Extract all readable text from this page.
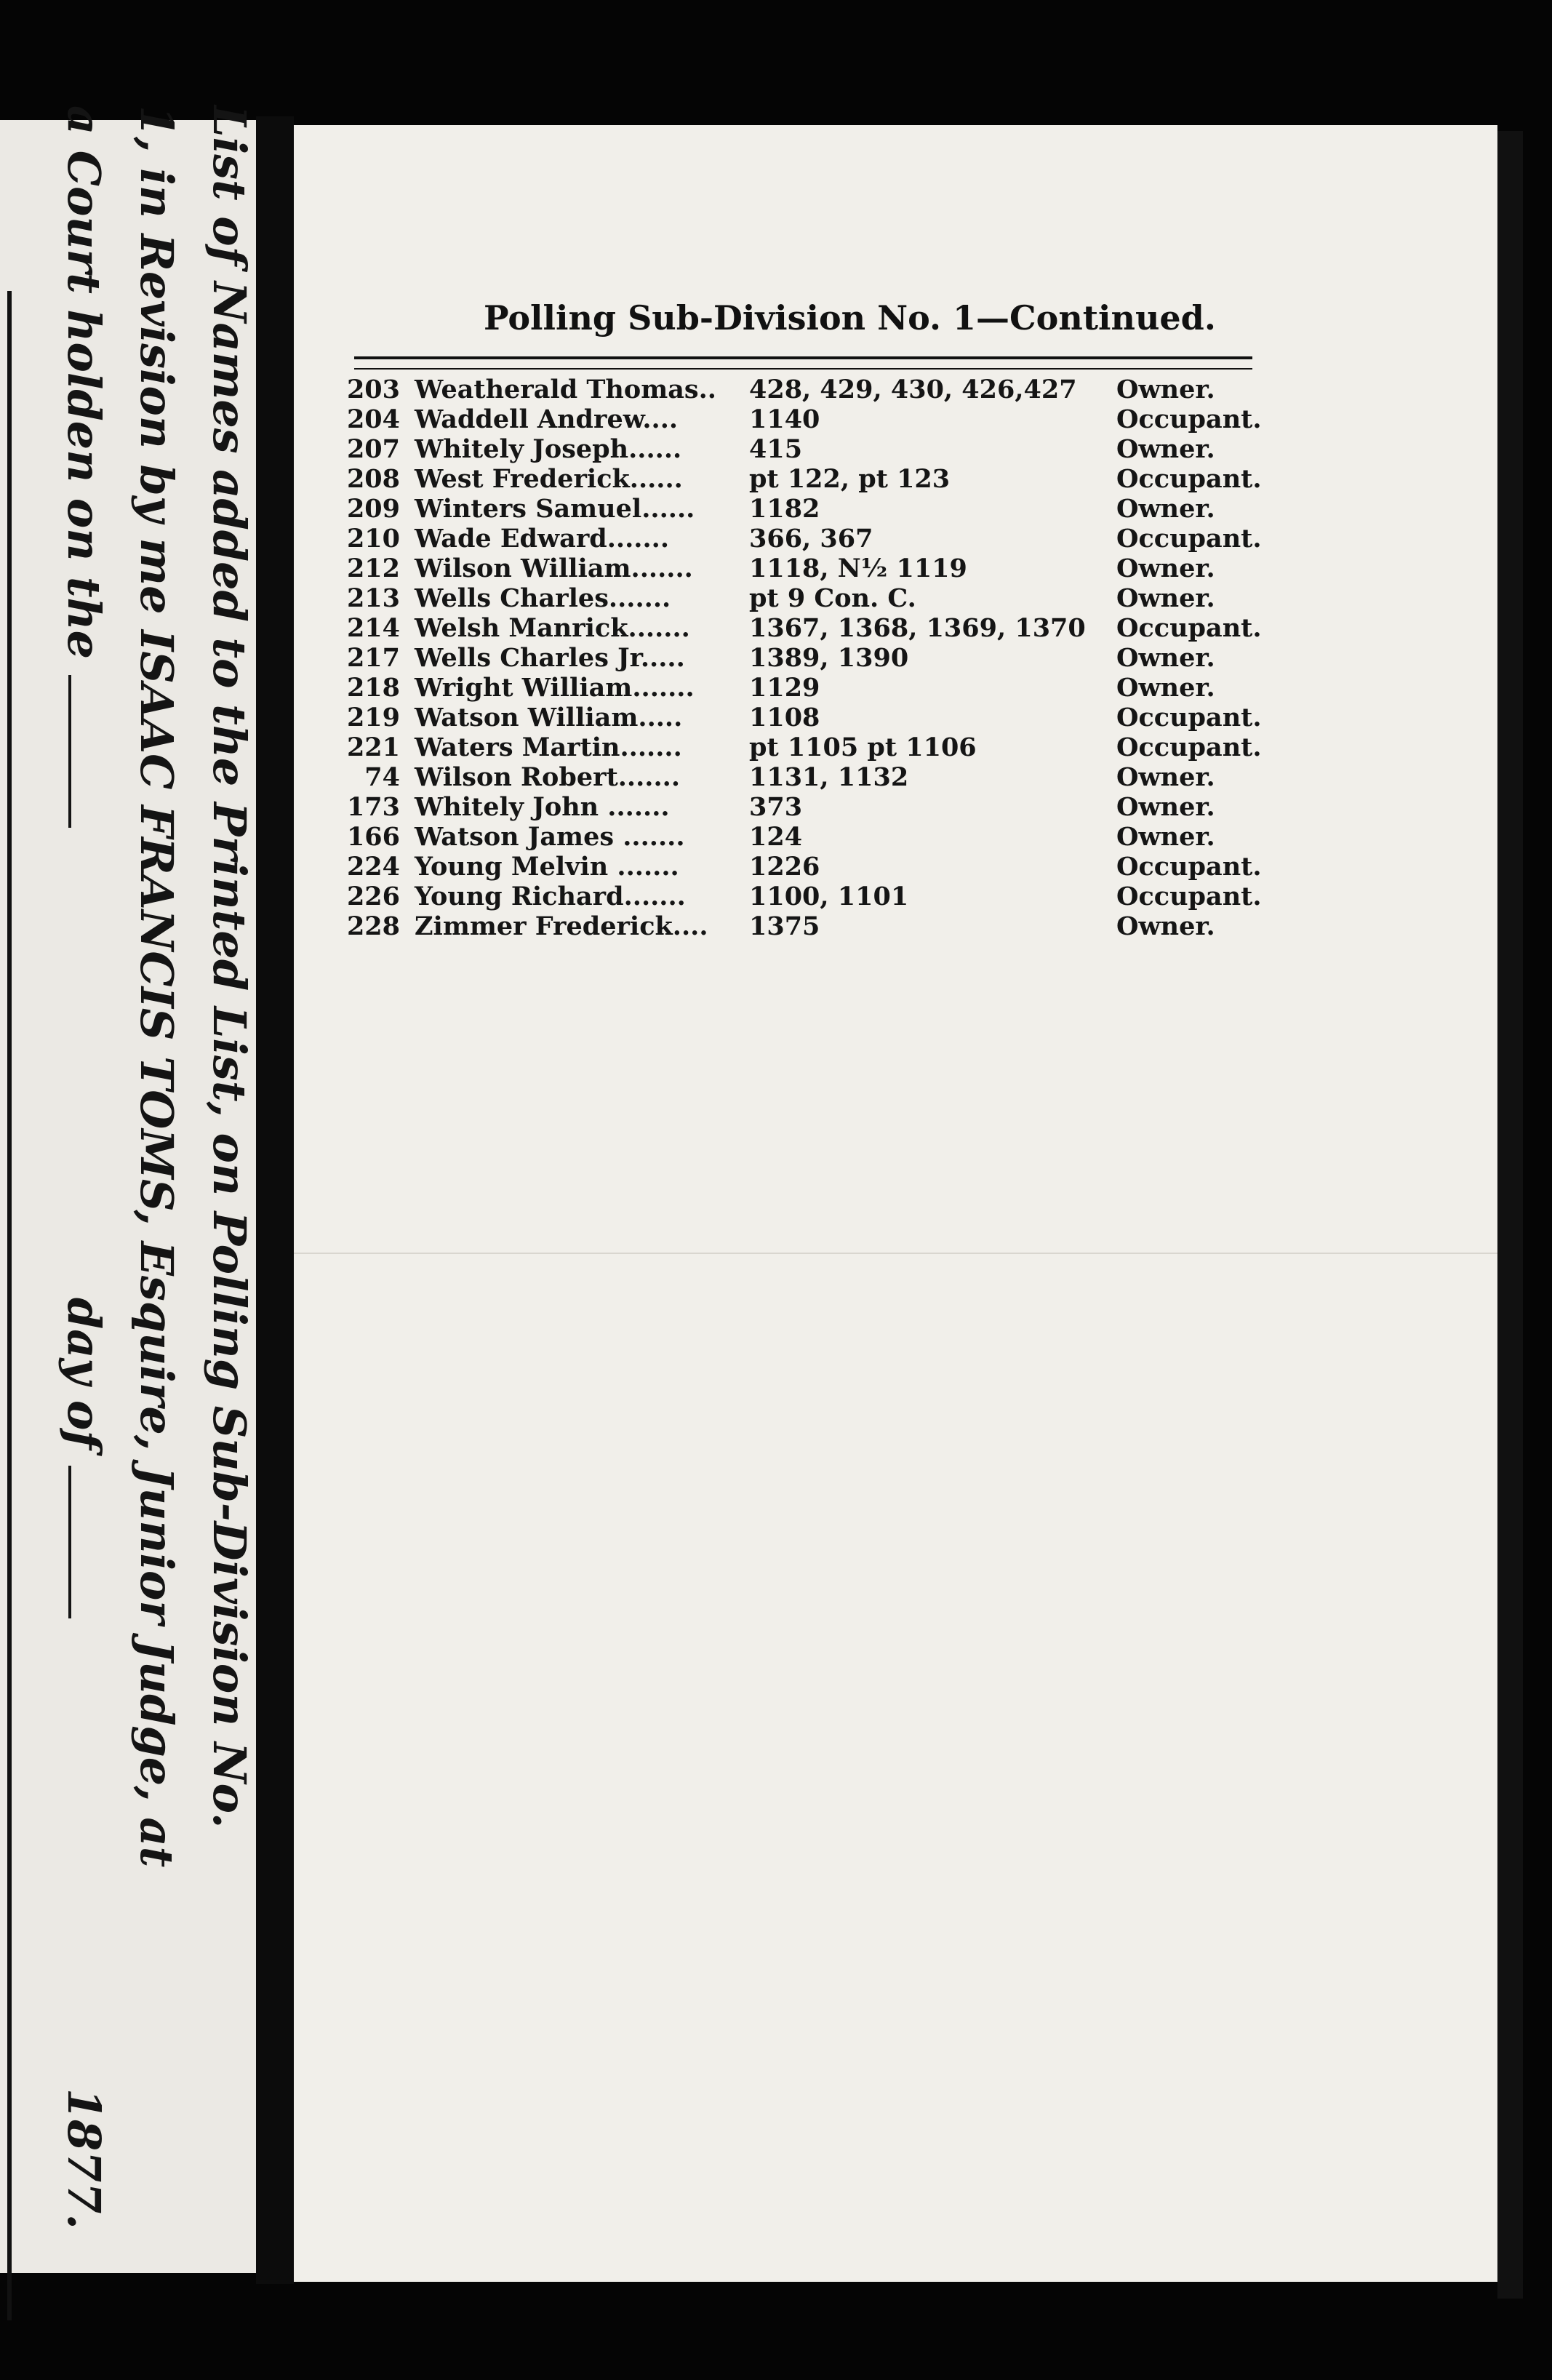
List of Names added to the Printed List, on Polling Sub-Division No.
1, in Revision by me ISAAC FRANCIS TOMS, Esquire, Junior Judge, at
a Court holden on the
day of
1877.
Polling Sub-Division No. 1—Continued.
203 Weatherald Thomas.. 428, 429, 430, 426,427 Owner.
204 Waddell Andrew....	1140	Occupant.
207 Whitely Joseph......	415	Owner.
208 West Frederick......	pt 122, pt 123	Occupant.
209 Winters Samuel...... 1182	Owner.
210 Wade Edward.......	366, 367	Occupant.
212 Wilson William....... 1118, N½ 1119	Owner.
213 Wells Charles.......	pt 9 Con. C.	Owner.
214 Welsh Manrick....... 1367, 1368, 1369, 1370 Occupant.
217 Wells Charles Jr.....	1389, 1390	Owner.
218 Wright William....... 1129	Owner.
219 Watson William.....	1108	Occupant.
221 Waters Martin.......	pt 1105 pt 1106	Occupant.
74 Wilson Robert.......	1131, 1132	Owner.
173 Whitely John .......	373	Owner.
166 Watson James .......	124	Owner.
224 Young Melvin .......	1226	Occupant.
226 Young Richard....... 1100, 1101	Occupant.
228 Zimmer Frederick.... 1375	Owner.
